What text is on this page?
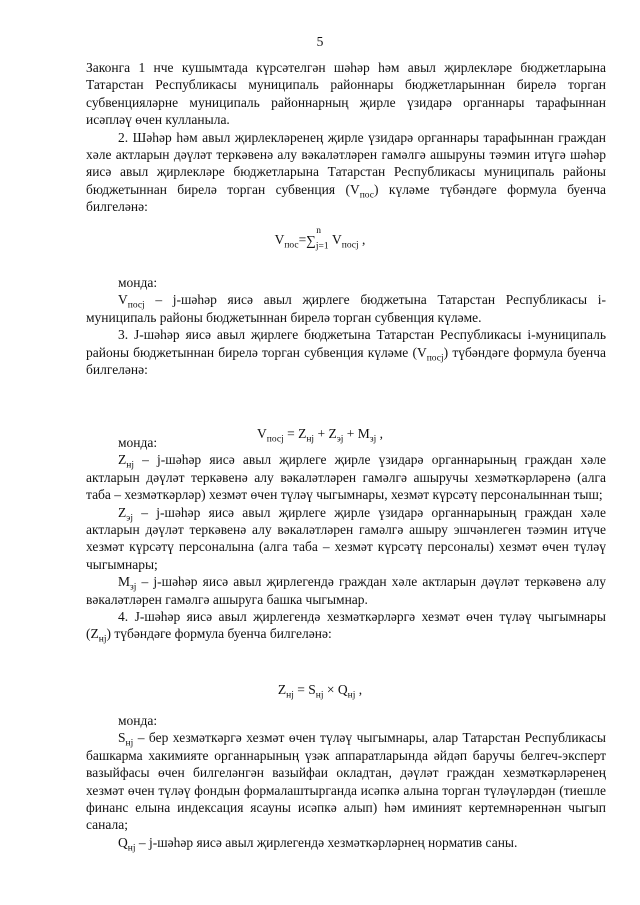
5

Законга 1 нче кушымтада күрсәтелгән шәһәр һәм авыл җирлекләре бюджетларына Татарстан Республикасы муниципаль районнары бюджетларыннан бирелә торган субвенцияләрне муниципаль районнарның җирле үзидарә органнары тарафыннан исәпләү өчен кулланыла.

2. Шәһәр һәм авыл җирлекләренең җирле үзидарә органнары тарафыннан граждан хәле актларын дәүләт теркәвенә алу вәкаләтләрен гамәлгә ашыруны тәэмин итүгә шәһәр яисә авыл җирлекләре бюджетларына Татарстан Республикасы муниципаль районы бюджетыннан бирелә торган субвенция $(V_{пос})$ күләме түбәндәге формула буенча билгеләнә:

$V_{пос}=\sum$
n
$_{j=1}$ $V_{посj}$ ,

монда:

$V_{посj}$ – j-шәһәр яисә авыл җирлеге бюджетына Татарстан Республикасы i-муниципаль районы бюджетыннан бирелә торган субвенция күләме.

3. J-шәһәр яисә авыл җирлеге бюджетына Татарстан Республикасы i-муниципаль районы бюджетыннан бирелә торган субвенция күләме $(V_{посj})$ түбәндәге формула буенча билгеләнә:

$V_{посj} = Z_{нj} + Z_{эj} + M_{зj}$ ,

монда:

$Z_{нj}$ – j-шәһәр яисә авыл җирлеге җирле үзидарә органнарының граждан хәле актларын дәүләт теркәвенә алу вәкаләтләрен гамәлгә ашыручы хезмәткәрләренә (алга таба – хезмәткәрләр) хезмәт өчен түләү чыгымнары, хезмәт күрсәтү персоналыннан тыш;

$Z_{эj}$ – j-шәһәр яисә авыл җирлеге җирле үзидарә органнарының граждан хәле актларын дәүләт теркәвенә алу вәкаләтләрен гамәлгә ашыру эшчәнлеген тәэмин итүче хезмәт күрсәтү персоналына (алга таба – хезмәт күрсәтү персоналы) хезмәт өчен түләү чыгымнары;

$M_{зj}$ – j-шәһәр яисә авыл җирлегендә граждан хәле актларын дәүләт теркәвенә алу вәкаләтләрен гамәлгә ашыруга башка чыгымнар.

4. J-шәһәр яисә авыл җирлегендә хезмәткәрләргә хезмәт өчен түләү чыгымнары $(Z_{нj})$ түбәндәге формула буенча билгеләнә:

$Z_{нj} = S_{нj} \times Q_{нj}$ ,

монда:

$S_{нj}$ – бер хезмәткәргә хезмәт өчен түләү чыгымнары, алар Татарстан Республикасы башкарма хакимияте органнарының үзәк аппаратларында әйдәп баручы белгеч-эксперт вазыйфасы өчен билгеләнгән вазыйфаи окладтан, дәүләт граждан хезмәткәрләренең хезмәт өчен түләү фондын формалаштырганда исәпкә алына торган түләүләрдән (тиешле финанс елына индексация ясауны исәпкә алып) һәм иминият кертемнәреннән чыгып санала;

$Q_{нj}$ – j-шәһәр яисә авыл җирлегендә хезмәткәрләрнең норматив саны.
